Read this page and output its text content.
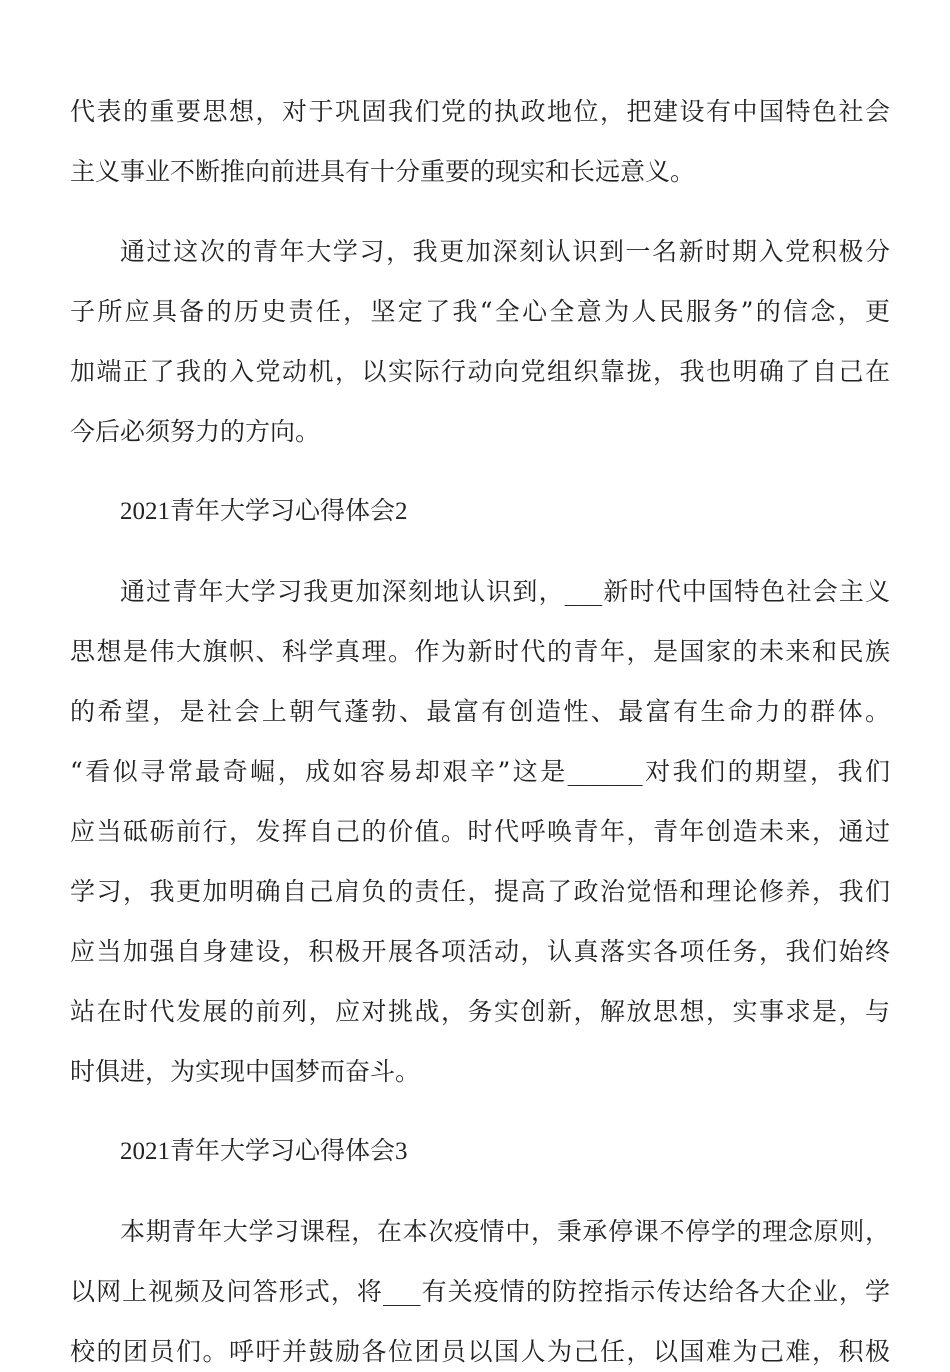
代表的重要思想，对于巩固我们党的执政地位，把建设有中国特色社会
主义事业不断推向前进具有十分重要的现实和长远意义。
通过这次的青年大学习，我更加深刻认识到一名新时期入党积极分
子所应具备的历史责任，坚定了我“全心全意为人民服务”的信念，更
加端正了我的入党动机，以实际行动向党组织靠拢，我也明确了自己在
今后必须努力的方向。
2021青年大学习心得体会2
通过青年大学习我更加深刻地认识到，___新时代中国特色社会主义
思想是伟大旗帜、科学真理。作为新时代的青年，是国家的未来和民族
的希望，是社会上朝气蓬勃、最富有创造性、最富有生命力的群体。
“看似寻常最奇崛，成如容易却艰辛”这是______对我们的期望，我们
应当砥砺前行，发挥自己的价值。时代呼唤青年，青年创造未来，通过
学习，我更加明确自己肩负的责任，提高了政治觉悟和理论修养，我们
应当加强自身建设，积极开展各项活动，认真落实各项任务，我们始终
站在时代发展的前列，应对挑战，务实创新，解放思想，实事求是，与
时俱进，为实现中国梦而奋斗。
2021青年大学习心得体会3
本期青年大学习课程，在本次疫情中，秉承停课不停学的理念原则，
以网上视频及问答形式，将___有关疫情的防控指示传达给各大企业，学
校的团员们。呼吁并鼓励各位团员以国人为己任，以国难为己难，积极
